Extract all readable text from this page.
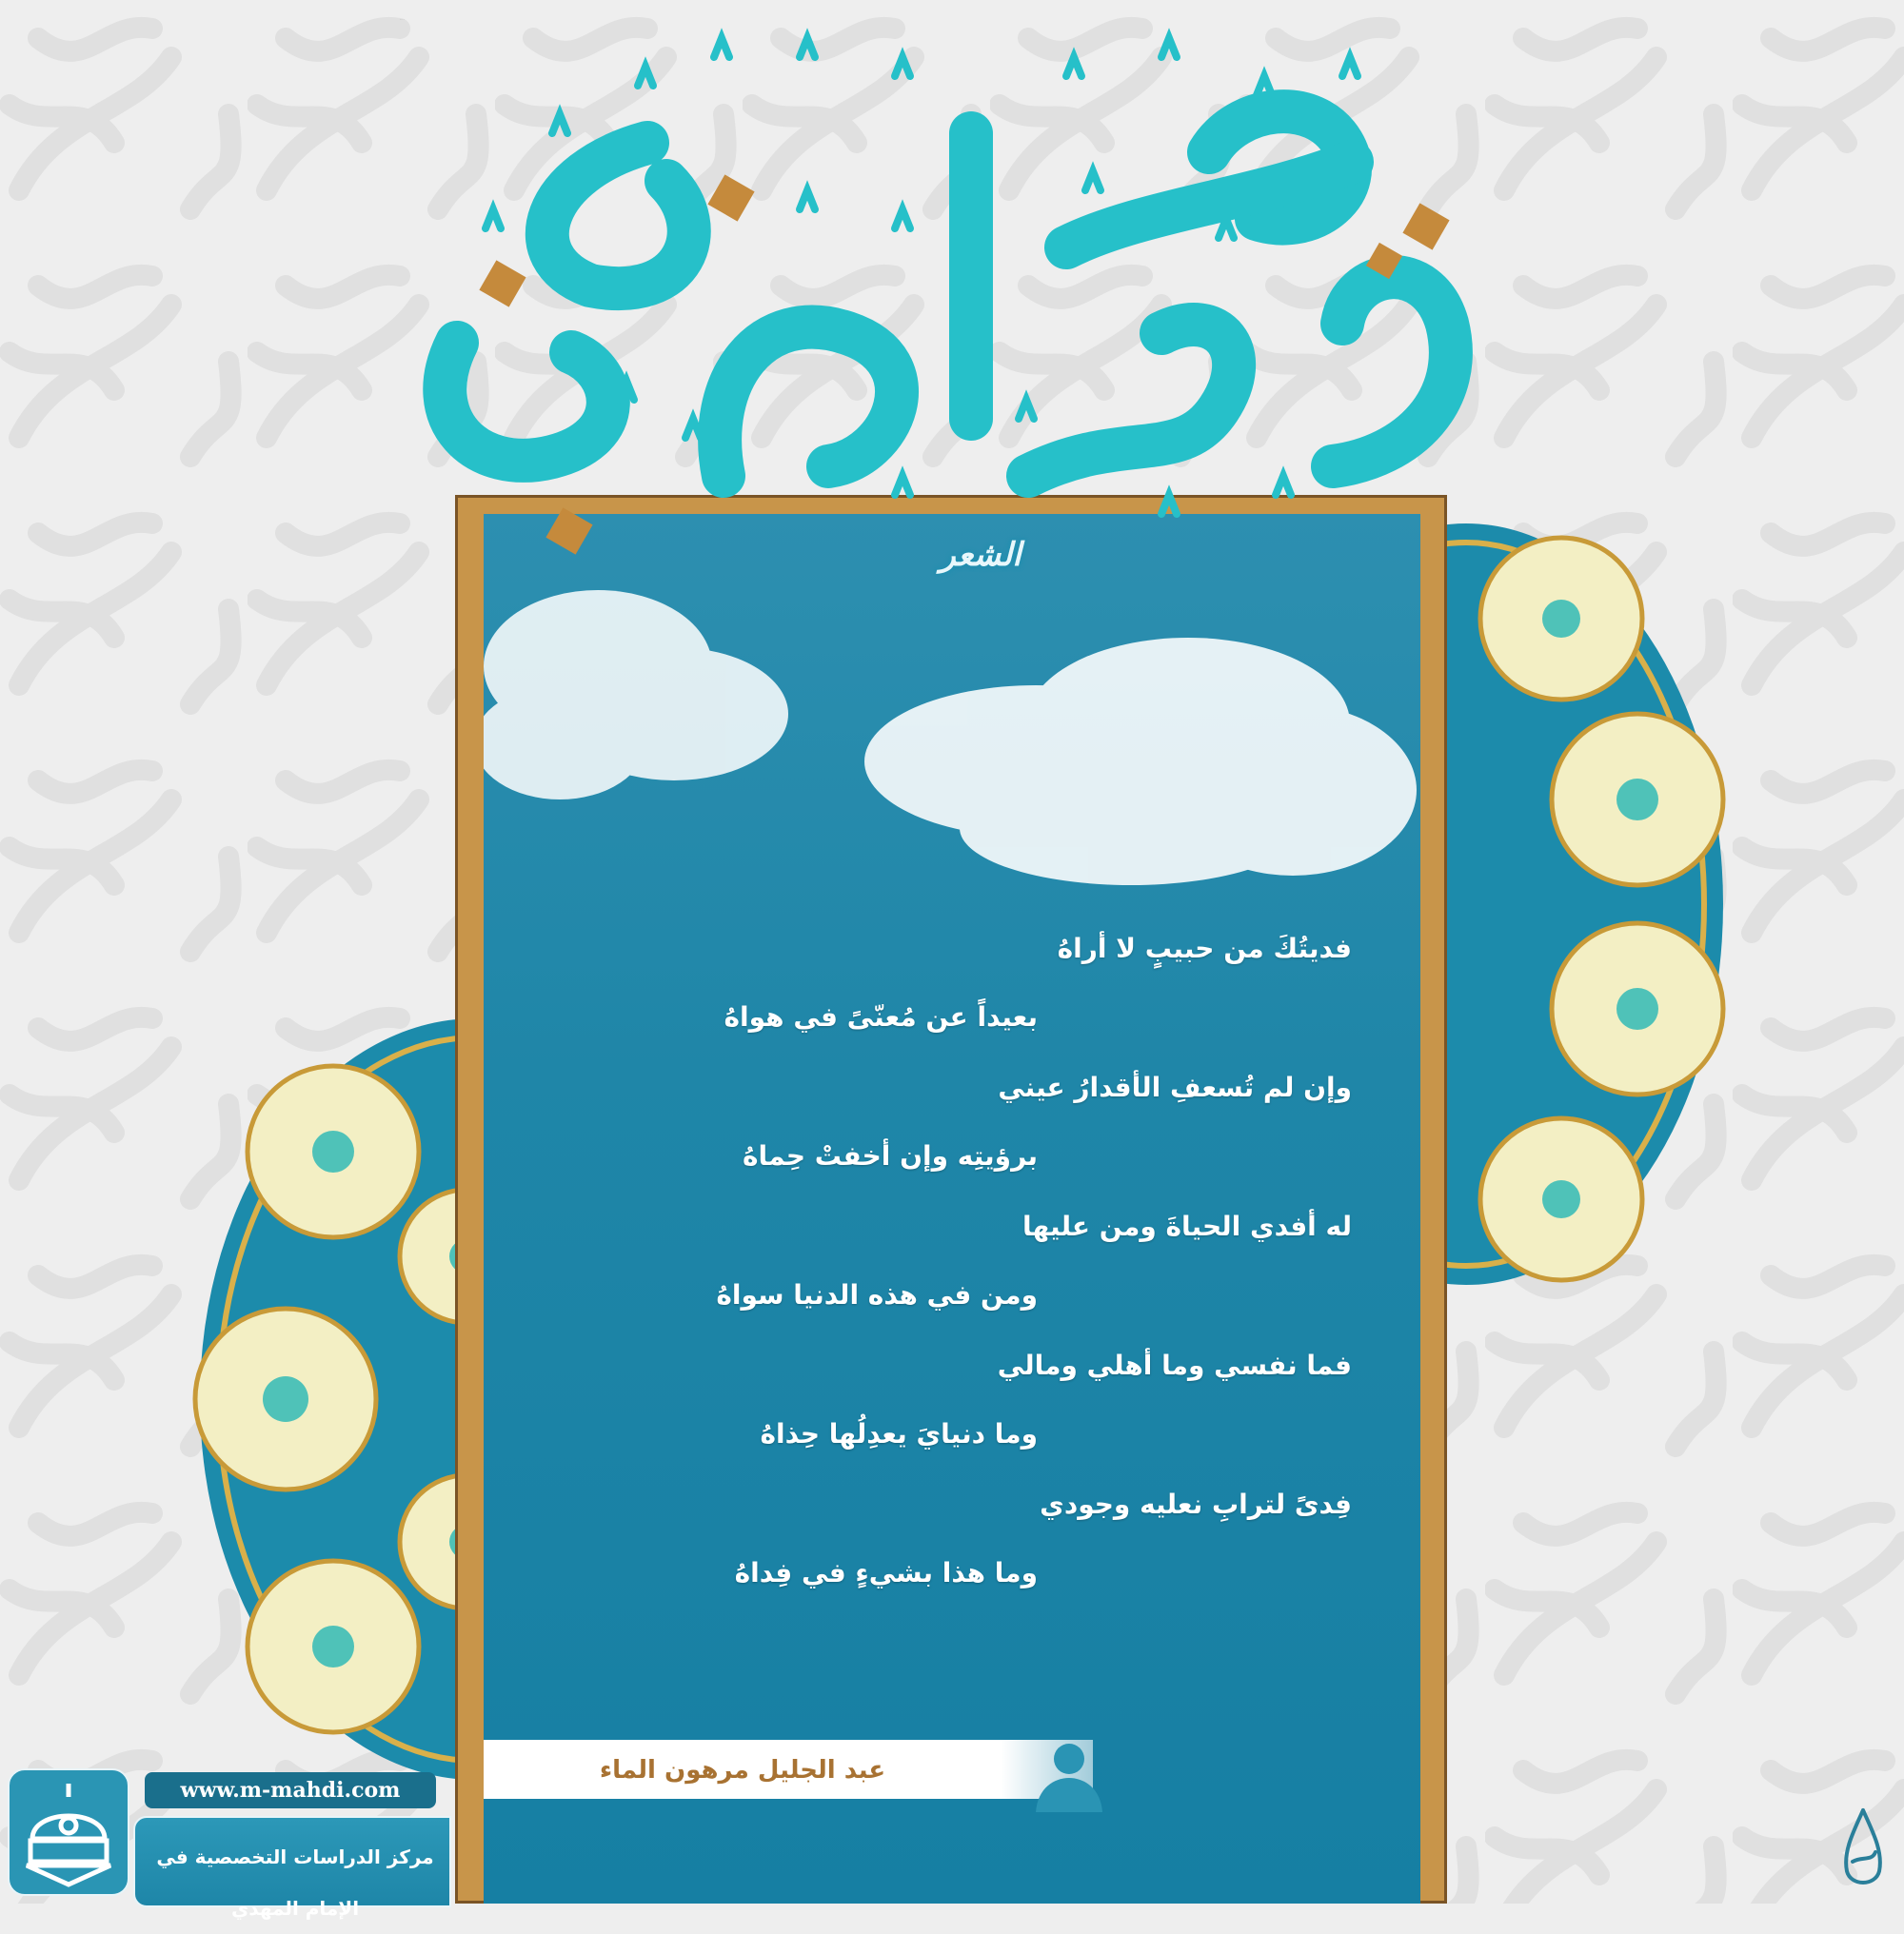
الشعر
فديتُكَ من حبيبٍ لا أراهُ
بعيداً عن مُعنّىً في هواهُ
وإن لم تُسعفِ الأقدارُ عيني
برؤيتِه وإن أخفتْ حِماهُ
له أفدي الحياةَ ومن عليها
ومن في هذه الدنيا سواهُ
فما نفسي وما أهلي ومالي
وما دنيايَ يعدِلُها حِذاهُ
فِدىً لترابِ نعليه وجودي
وما هذا بشيءٍ في فِداهُ
عبد الجليل مرهون الماء
www.m-mahdi.com
مركز الدراسات التخصصية في الإمام المهدي
